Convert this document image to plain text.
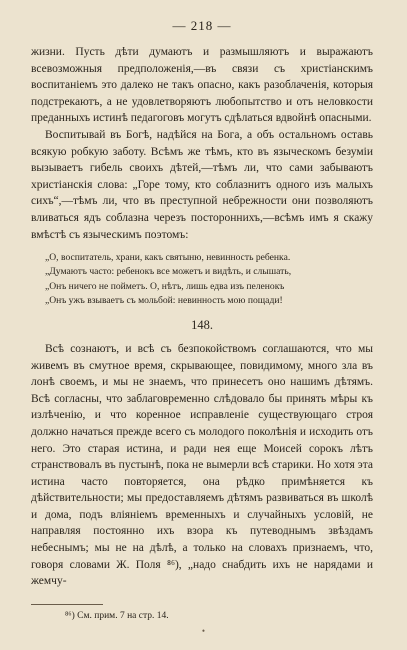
— 218 —

жизни. Пусть дѣти думаютъ и размышляютъ и выражаютъ всевозможныя предположенія,—въ связи съ христіанскимъ воспитаніемъ это далеко не такъ опасно, какъ разоблаченія, которыя подстрекаютъ, а не удовлетворяютъ любопытство и отъ неловкости преданныхъ истинѣ педагоговъ могутъ сдѣлаться вдвойнѣ опасными.

Воспитывай въ Богѣ, надѣйся на Бога, а объ остальномъ оставь всякую робкую заботу. Всѣмъ же тѣмъ, кто въ языческомъ безуміи вызываетъ гибель своихъ дѣтей,—тѣмъ ли, что сами забываютъ христіанскія слова: „Горе тому, кто соблазнитъ одного изъ малыхъ сихъ“,—тѣмъ ли, что въ преступной небрежности они позволяютъ вливаться ядъ соблазна черезъ постороннихъ,—всѣмъ имъ я скажу вмѣстѣ съ языческимъ поэтомъ:

„О, воспитатель, храни, какъ святыню, невинность ребенка.
„Думаютъ часто: ребенокъ все можетъ и видѣть, и слышать,
„Онъ ничего не пойметъ. О, нѣтъ, лишь едва изъ пеленокъ
„Онъ ужъ взываетъ съ мольбой: невинность мою пощади!
148.

Всѣ сознаютъ, и всѣ съ безпокойствомъ соглашаются, что мы живемъ въ смутное время, скрывающее, повидимому, много зла въ лонѣ своемъ, и мы не знаемъ, что принесетъ оно нашимъ дѣтямъ. Всѣ согласны, что заблаговременно слѣдовало бы принять мѣры къ излѣченію, и что коренное исправленіе существующаго строя должно начаться прежде всего съ молодого поколѣнія и исходить отъ него. Это старая истина, и ради нея еще Моисей сорокъ лѣтъ странствовалъ въ пустынѣ, пока не вымерли всѣ старики. Но хотя эта истина часто повторяется, она рѣдко примѣняется къ дѣйствительности; мы предоставляемъ дѣтямъ развиваться въ школѣ и дома, подъ вліяніемъ временныхъ и случайныхъ условій, не направляя постоянно ихъ взора къ путеводнымъ звѣздамъ небеснымъ; мы не на дѣлѣ, а только на словахъ признаемъ, что, говоря словами Ж. Поля ⁸⁶), „надо снабдить ихъ не нарядами и жемчу-

⁸⁶) См. прим. 7 на стр. 14.
•
